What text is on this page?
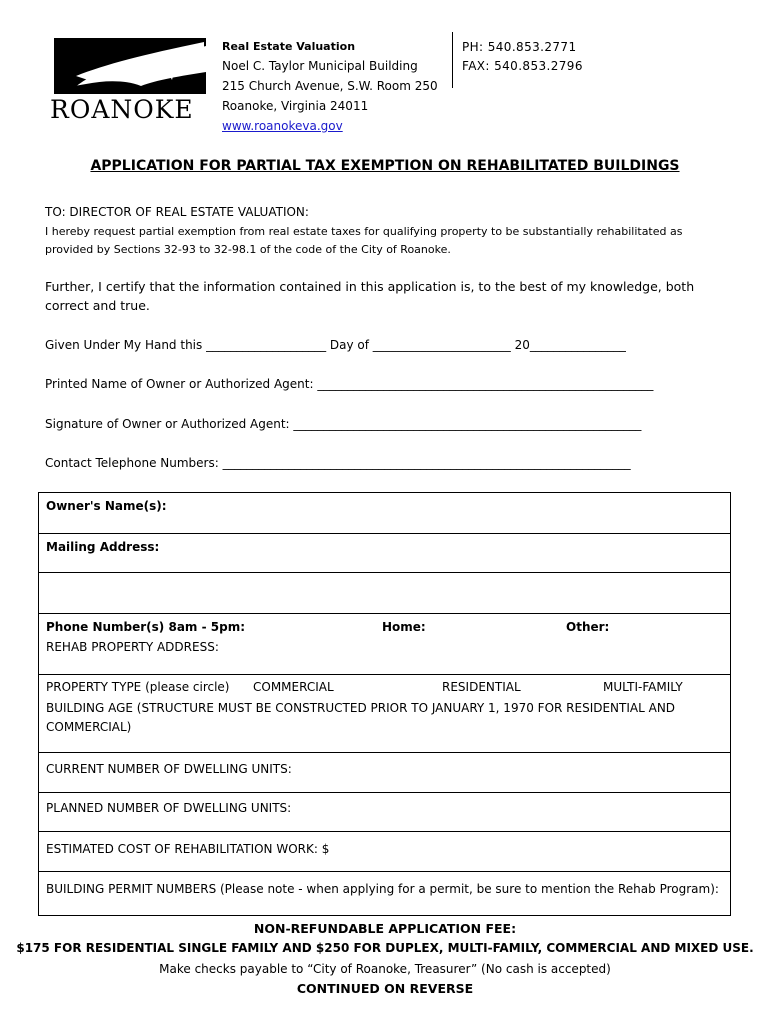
ROANOKE
Real Estate Valuation
Noel C. Taylor Municipal Building
215 Church Avenue, S.W. Room 250
Roanoke, Virginia 24011
www.roanokeva.gov
PH: 540.853.2771
FAX: 540.853.2796
APPLICATION FOR PARTIAL TAX EXEMPTION ON REHABILITATED BUILDINGS
TO: DIRECTOR OF REAL ESTATE VALUATION:
I hereby request partial exemption from real estate taxes for qualifying property to be substantially rehabilitated as
provided by Sections 32-93 to 32-98.1 of the code of the City of Roanoke.
Further, I certify that the information contained in this application is, to the best of my knowledge, both
correct and true.
Given Under My Hand this ____________________ Day of _______________________ 20________________
Printed Name of Owner or Authorized Agent: ________________________________________________________
Signature of Owner or Authorized Agent: __________________________________________________________
Contact Telephone Numbers: ____________________________________________________________________
Owner's Name(s):
Mailing Address:
Phone Number(s) 8am - 5pm:	Home:	Other:
REHAB PROPERTY ADDRESS:
PROPERTY TYPE (please circle) COMMERCIAL	RESIDENTIAL	MULTI-FAMILY
BUILDING AGE (STRUCTURE MUST BE CONSTRUCTED PRIOR TO JANUARY 1, 1970 FOR RESIDENTIAL AND COMMERCIAL)
CURRENT NUMBER OF DWELLING UNITS:
PLANNED NUMBER OF DWELLING UNITS:
ESTIMATED COST OF REHABILITATION WORK: $
BUILDING PERMIT NUMBERS (Please note - when applying for a permit, be sure to mention the Rehab Program):
NON-REFUNDABLE APPLICATION FEE:
$175 FOR RESIDENTIAL SINGLE FAMILY AND $250 FOR DUPLEX, MULTI-FAMILY, COMMERCIAL AND MIXED USE.
Make checks payable to “City of Roanoke, Treasurer” (No cash is accepted)
CONTINUED ON REVERSE
